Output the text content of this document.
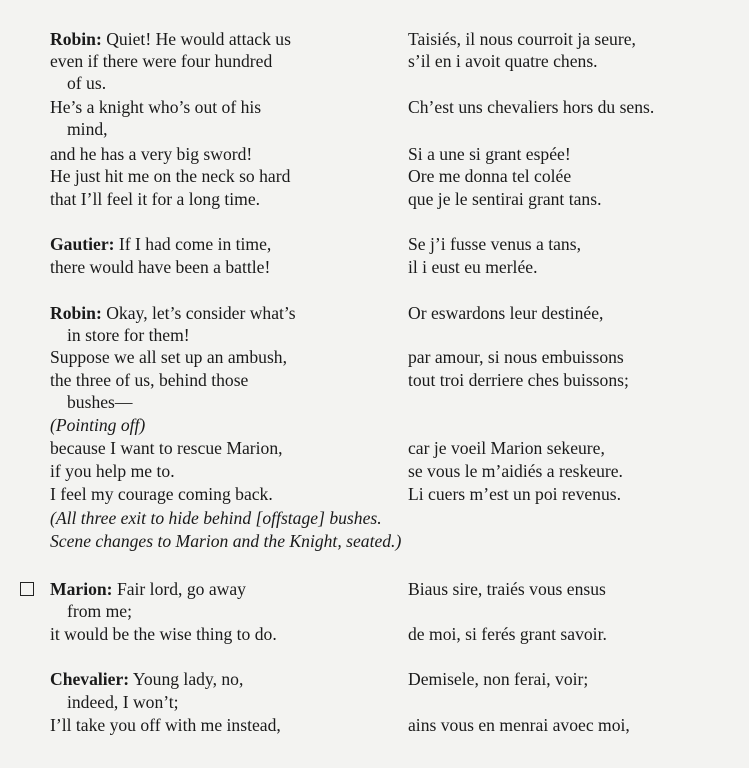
Robin: Quiet! He would attack us
even if there were four hundred
of us.
He’s a knight who’s out of his
mind,
and he has a very big sword!
He just hit me on the neck so hard
that I’ll feel it for a long time.
Gautier: If I had come in time,
there would have been a battle!
Robin: Okay, let’s consider what’s
in store for them!
Suppose we all set up an ambush,
the three of us, behind those
bushes—
(Pointing off)
because I want to rescue Marion,
if you help me to.
I feel my courage coming back.
(All three exit to hide behind [offstage] bushes.
Scene changes to Marion and the Knight, seated.)
Marion: Fair lord, go away
from me;
it would be the wise thing to do.
Chevalier: Young lady, no,
indeed, I won’t;
I’ll take you off with me instead,
Taisiés, il nous courroit ja seure,
s’il en i avoit quatre chens.
Ch’est uns chevaliers hors du sens.
Si a une si grant espée!
Ore me donna tel colée
que je le sentirai grant tans.
Se j’i fusse venus a tans,
il i eust eu merlée.
Or eswardons leur destinée,
par amour, si nous embuissons
tout troi derriere ches buissons;
car je voeil Marion sekeure,
se vous le m’aidiés a reskeure.
Li cuers m’est un poi revenus.
Biaus sire, traiés vous ensus
de moi, si ferés grant savoir.
Demisele, non ferai, voir;
ains vous en menrai avoec moi,
